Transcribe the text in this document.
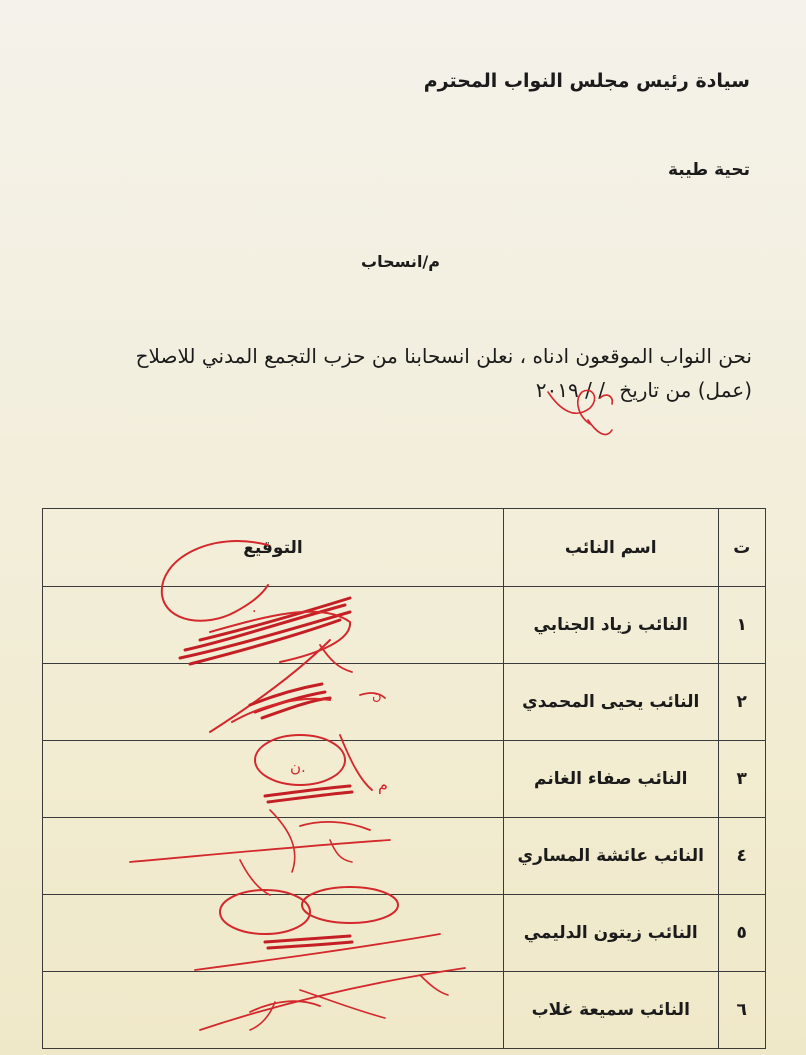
سيادة رئيس مجلس النواب المحترم
تحية طيبة
م/انسحاب
نحن النواب الموقعون ادناه ، نعلن انسحابنا من حزب التجمع المدني للاصلاح
(عمل) من تاريخ / / ٢٠١٩
ت	اسم النائب	التوقيع
١	النائب زياد الجنابي	
٢	النائب يحيى المحمدي	
٣	النائب صفاء الغانم	
٤	النائب عائشة المساري	
٥	النائب زيتون الدليمي	
٦	النائب سميعة غلاب	
.
ن
ن.
م
